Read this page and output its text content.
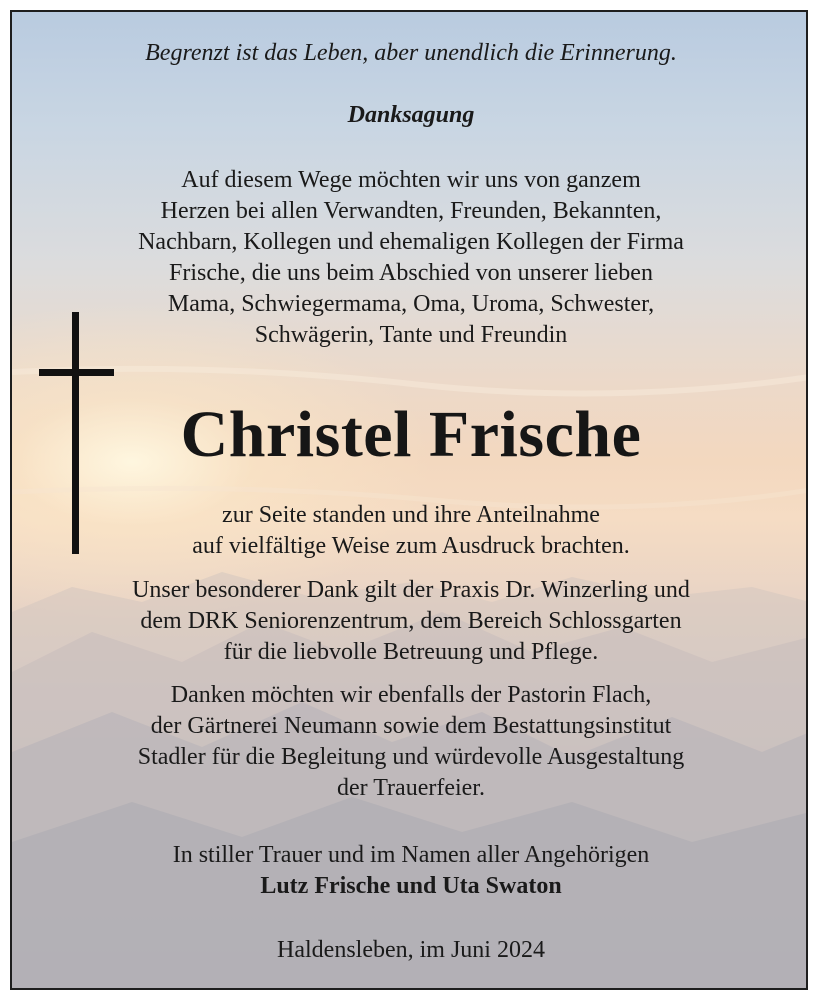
Begrenzt ist das Leben, aber unendlich die Erinnerung.
Danksagung
Auf diesem Wege möchten wir uns von ganzem
Herzen bei allen Verwandten, Freunden, Bekannten,
Nachbarn, Kollegen und ehemaligen Kollegen der Firma
Frische, die uns beim Abschied von unserer lieben
Mama, Schwiegermama, Oma, Uroma, Schwester,
Schwägerin, Tante und Freundin
Christel Frische
zur Seite standen und ihre Anteilnahme
auf vielfältige Weise zum Ausdruck brachten.
Unser besonderer Dank gilt der Praxis Dr. Winzerling und
dem DRK Seniorenzentrum, dem Bereich Schlossgarten
für die liebvolle Betreuung und Pflege.
Danken möchten wir ebenfalls der Pastorin Flach,
der Gärtnerei Neumann sowie dem Bestattungsinstitut
Stadler für die Begleitung und würdevolle Ausgestaltung
der Trauerfeier.
In stiller Trauer und im Namen aller Angehörigen
Lutz Frische und Uta Swaton
Haldensleben, im Juni 2024
